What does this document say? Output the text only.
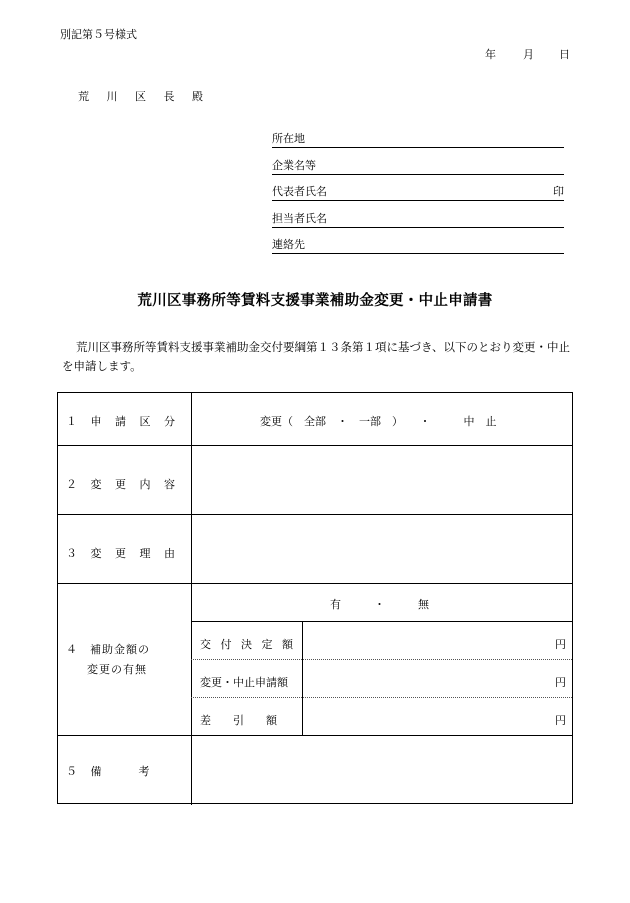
別記第５号様式
年	月	日
荒 川 区 長 殿
所在地
企業名等
代表者氏名	印
担当者氏名
連絡先
荒川区事務所等賃料支援事業補助金変更・中止申請書
荒川区事務所等賃料支援事業補助金交付要綱第１３条第１項に基づき、以下のとおり変更・中止を申請します。
１ 申 請 区 分	変更（　全部　・　一部　）　　・　　　中　止
２ 変 更 内 容
３ 変 更 理 由
４　補助金額の
変更の有無
有　　　・　　　無
交 付 決 定 額	円
変更・中止申請額	円
差　　引　　額	円
５ 備　　考
